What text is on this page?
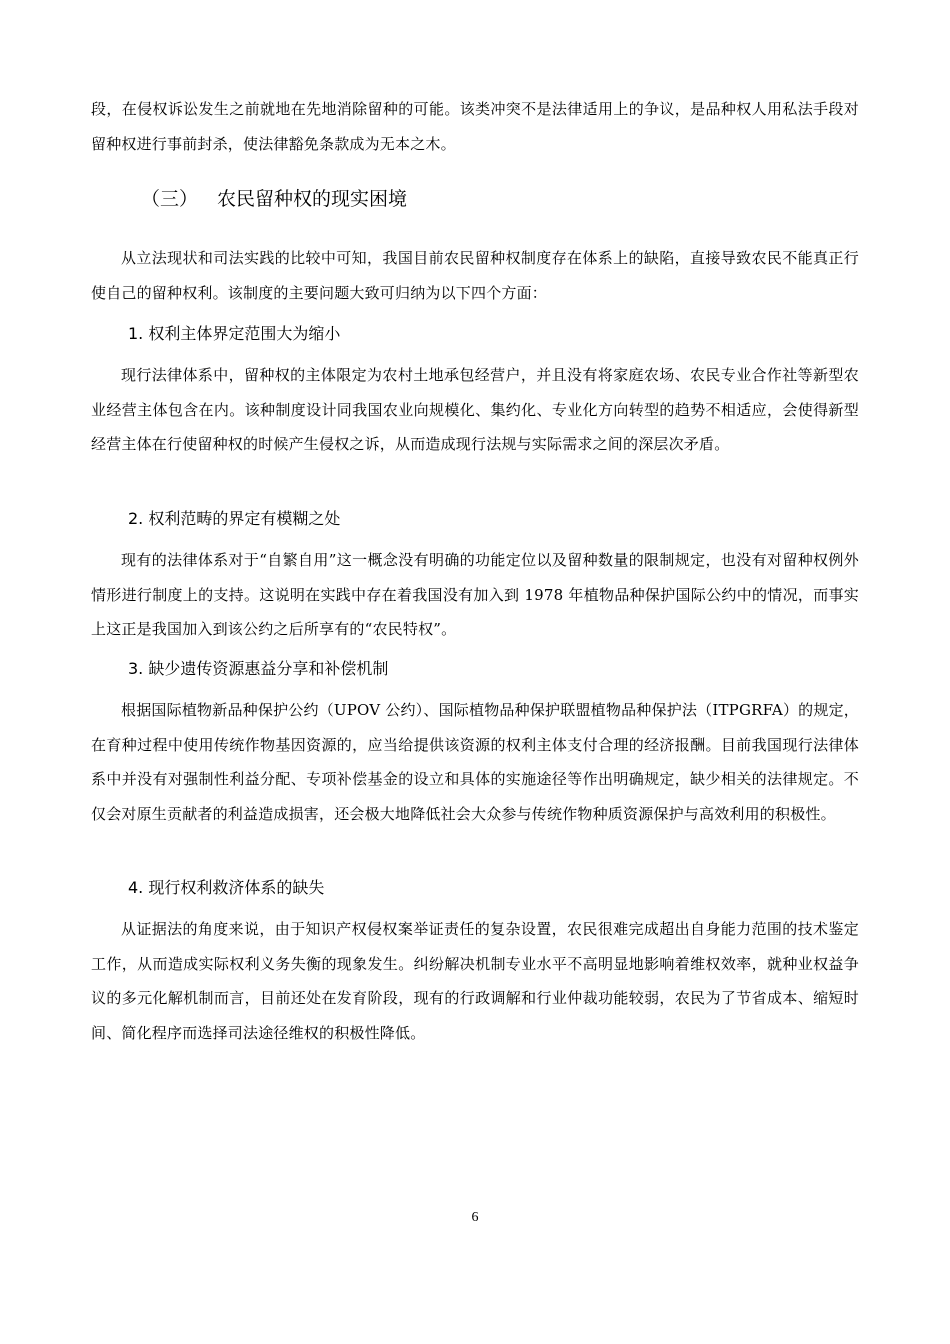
段，在侵权诉讼发生之前就地在先地消除留种的可能。该类冲突不是法律适用上的争议，是品种权人用私法手段对留种权进行事前封杀，使法律豁免条款成为无本之木。

（三） 农民留种权的现实困境

从立法现状和司法实践的比较中可知，我国目前农民留种权制度存在体系上的缺陷，直接导致农民不能真正行使自己的留种权利。该制度的主要问题大致可归纳为以下四个方面：

1. 权利主体界定范围大为缩小

现行法律体系中，留种权的主体限定为农村土地承包经营户，并且没有将家庭农场、农民专业合作社等新型农业经营主体包含在内。该种制度设计同我国农业向规模化、集约化、专业化方向转型的趋势不相适应，会使得新型经营主体在行使留种权的时候产生侵权之诉，从而造成现行法规与实际需求之间的深层次矛盾。

2. 权利范畴的界定有模糊之处

现有的法律体系对于“自繁自用”这一概念没有明确的功能定位以及留种数量的限制规定，也没有对留种权例外情形进行制度上的支持。这说明在实践中存在着我国没有加入到 1978 年植物品种保护国际公约中的情况，而事实上这正是我国加入到该公约之后所享有的“农民特权”。

3. 缺少遗传资源惠益分享和补偿机制

根据国际植物新品种保护公约（UPOV 公约）、国际植物品种保护联盟植物品种保护法（ITPGRFA）的规定，在育种过程中使用传统作物基因资源的，应当给提供该资源的权利主体支付合理的经济报酬。目前我国现行法律体系中并没有对强制性利益分配、专项补偿基金的设立和具体的实施途径等作出明确规定，缺少相关的法律规定。不仅会对原生贡献者的利益造成损害，还会极大地降低社会大众参与传统作物种质资源保护与高效利用的积极性。

4. 现行权利救济体系的缺失

从证据法的角度来说，由于知识产权侵权案举证责任的复杂设置，农民很难完成超出自身能力范围的技术鉴定工作，从而造成实际权利义务失衡的现象发生。纠纷解决机制专业水平不高明显地影响着维权效率，就种业权益争议的多元化解机制而言，目前还处在发育阶段，现有的行政调解和行业仲裁功能较弱，农民为了节省成本、缩短时间、简化程序而选择司法途径维权的积极性降低。

6
